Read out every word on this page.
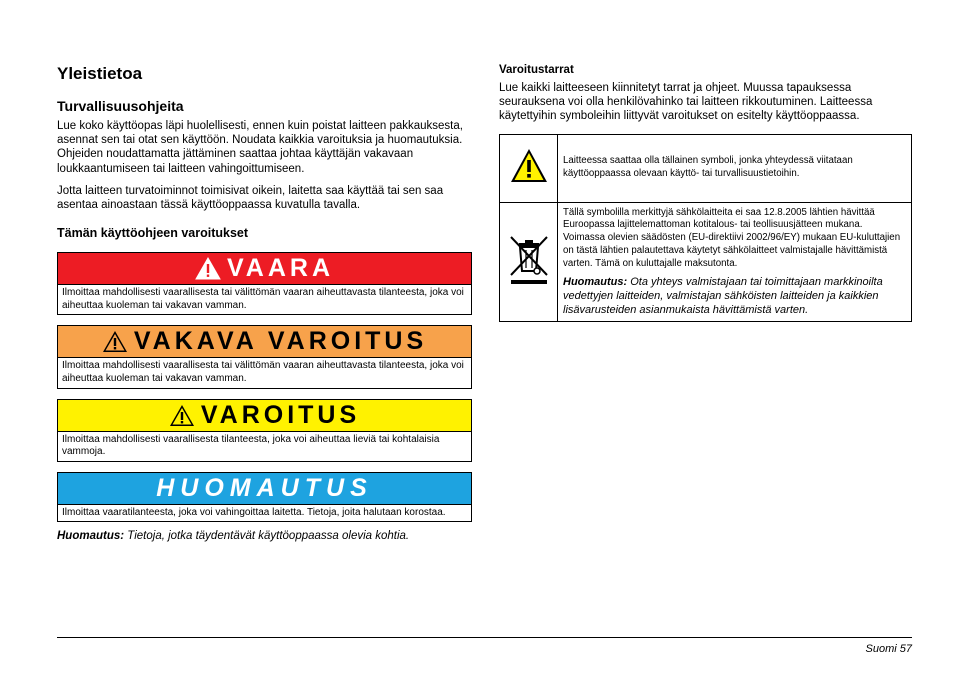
Yleistietoa
Turvallisuusohjeita

Lue koko käyttöopas läpi huolellisesti, ennen kuin poistat laitteen pakkauksesta, asennat sen tai otat sen käyttöön. Noudata kaikkia varoituksia ja huomautuksia. Ohjeiden noudattamatta jättäminen saattaa johtaa käyttäjän vakavaan loukkaantumiseen tai laitteen vahingoittumiseen.

Jotta laitteen turvatoiminnot toimisivat oikein, laitetta saa käyttää tai sen saa asentaa ainoastaan tässä käyttöoppaassa kuvatulla tavalla.

Tämän käyttöohjeen varoitukset
VAARA
Ilmoittaa mahdollisesti vaarallisesta tai välittömän vaaran aiheuttavasta tilanteesta, joka voi aiheuttaa kuoleman tai vakavan vamman.
VAKAVA VAROITUS
Ilmoittaa mahdollisesti vaarallisesta tai välittömän vaaran aiheuttavasta tilanteesta, joka voi aiheuttaa kuoleman tai vakavan vamman.
VAROITUS
Ilmoittaa mahdollisesti vaarallisesta tilanteesta, joka voi aiheuttaa lieviä tai kohtalaisia vammoja.
HUOMAUTUS
Ilmoittaa vaaratilanteesta, joka voi vahingoittaa laitetta. Tietoja, joita halutaan korostaa.
Huomautus: Tietoja, jotka täydentävät käyttöoppaassa olevia kohtia.
Varoitustarrat

Lue kaikki laitteeseen kiinnitetyt tarrat ja ohjeet. Muussa tapauksessa seurauksena voi olla henkilövahinko tai laitteen rikkoutuminen. Laitteessa käytettyihin symboleihin liittyvät varoitukset on esitelty käyttöoppaassa.

	Laitteessa saattaa olla tällainen symboli, jonka yhteydessä viitataan käyttöoppaassa olevaan käyttö- tai turvallisuustietoihin.

Tällä symbolilla merkittyjä sähkölaitteita ei saa 12.8.2005 lähtien hävittää Euroopassa lajittelemattoman kotitalous- tai teollisuusjätteen mukana. Voimassa olevien säädösten (EU-direktiivi 2002/96/EY) mukaan EU-kuluttajien on tästä lähtien palautettava käytetyt sähkölaitteet valmistajalle hävittämistä varten. Tämä on kuluttajalle maksutonta.
Huomautus: Ota yhteys valmistajaan tai toimittajaan markkinoilta vedettyjen laitteiden, valmistajan sähköisten laitteiden ja kaikkien lisävarusteiden asianmukaista hävittämistä varten.
Suomi 57
